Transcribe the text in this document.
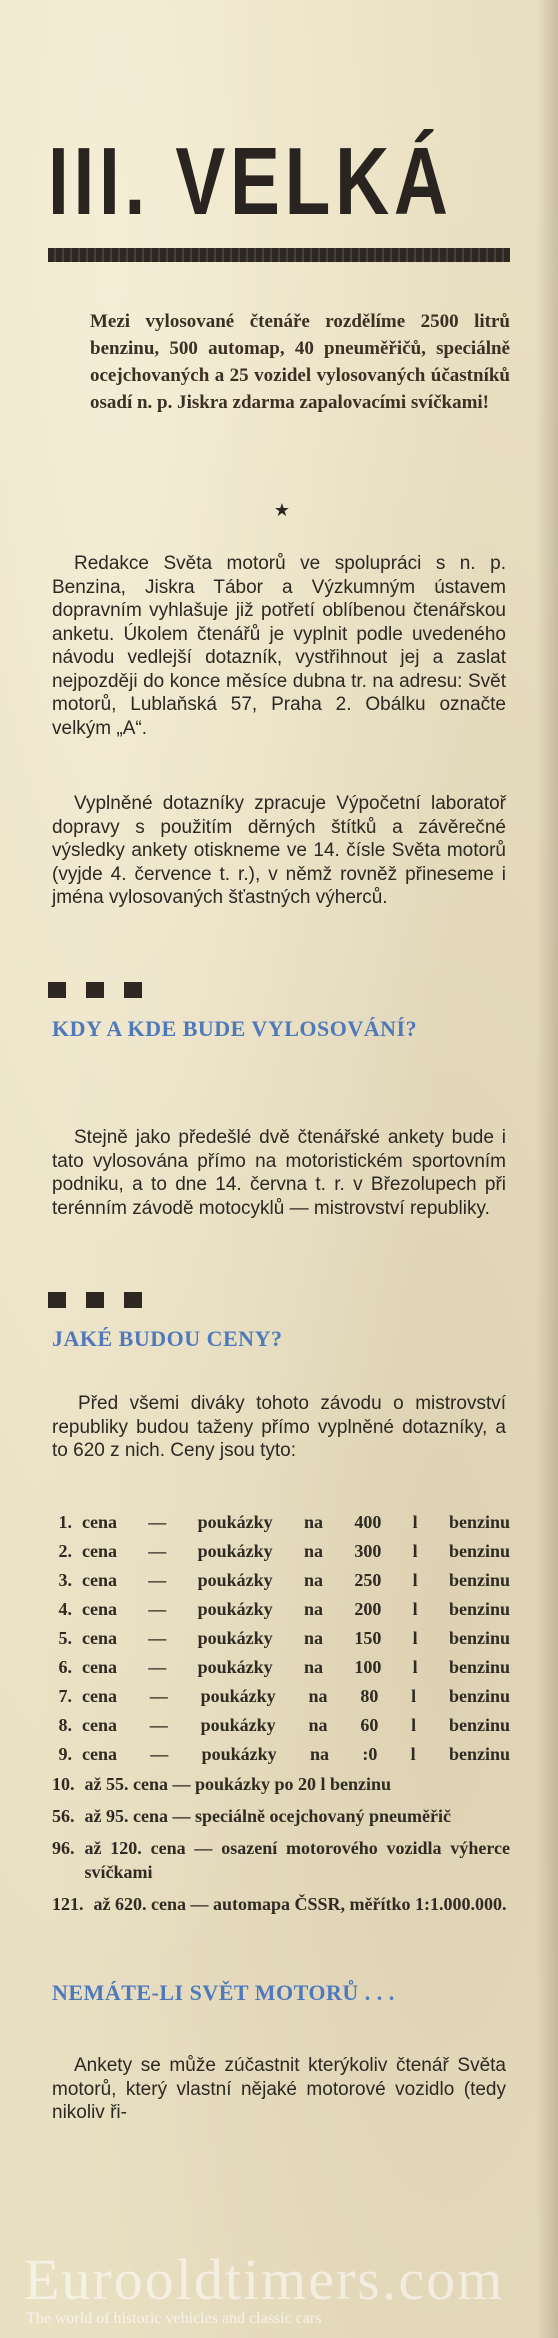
III. VELKÁ
Mezi vylosované čtenáře rozdělíme 2500 litrů benzinu, 500 automap, 40 pneuměřičů, speciálně ocejchovaných a 25 vozidel vylosovaných účastníků osadí n. p. Jiskra zdarma zapalovacími svíčkami!
★
Redakce Světa motorů ve spolupráci s n. p. Benzina, Jiskra Tábor a Výzkumným ústavem dopravním vyhlašuje již potřetí oblíbenou čtenářskou anketu. Úkolem čtenářů je vyplnit podle uvedeného návodu vedlejší dotazník, vystřihnout jej a zaslat nejpozději do konce měsíce dubna tr. na adresu: Svět motorů, Lublaňská 57, Praha 2. Obálku označte velkým „A“.
Vyplněné dotazníky zpracuje Výpočetní laboratoř dopravy s použitím děrných štítků a závěrečné výsledky ankety otiskneme ve 14. čísle Světa motorů (vyjde 4. července t. r.), v němž rovněž přineseme i jména vylosovaných šťastných výherců.
KDY A KDE BUDE VYLOSOVÁNÍ?
Stejně jako předešlé dvě čtenářské ankety bude i tato vylosována přímo na motoristickém sportovním podniku, a to dne 14. června t. r. v Březolupech při terénním závodě motocyklů — mistrovství republiky.
JAKÉ BUDOU CENY?
Před všemi diváky tohoto závodu o mistrovství republiky budou taženy přímo vyplněné dotazníky, a to 620 z nich. Ceny jsou tyto:
1. cena — poukázky na 400 l benzinu
2. cena — poukázky na 300 l benzinu
3. cena — poukázky na 250 l benzinu
4. cena — poukázky na 200 l benzinu
5. cena — poukázky na 150 l benzinu
6. cena — poukázky na 100 l benzinu
7. cena — poukázky na 80 l benzinu
8. cena — poukázky na 60 l benzinu
9. cena — poukázky na :0 l benzinu
10. až 55. cena — poukázky po 20 l benzinu
56. až 95. cena — speciálně ocejchovaný pneuměřič
96. až 120. cena — osazení motorového vozidla výherce svíčkami
121. až 620. cena — automapa ČSSR, měřítko 1:1.000.000.
NEMÁTE-LI SVĚT MOTORŮ . . .
Ankety se může zúčastnit kterýkoliv čtenář Světa motorů, který vlastní nějaké motorové vozidlo (tedy nikoliv ři-
Eurooldtimers.com
The world of historic vehicles and classic cars
